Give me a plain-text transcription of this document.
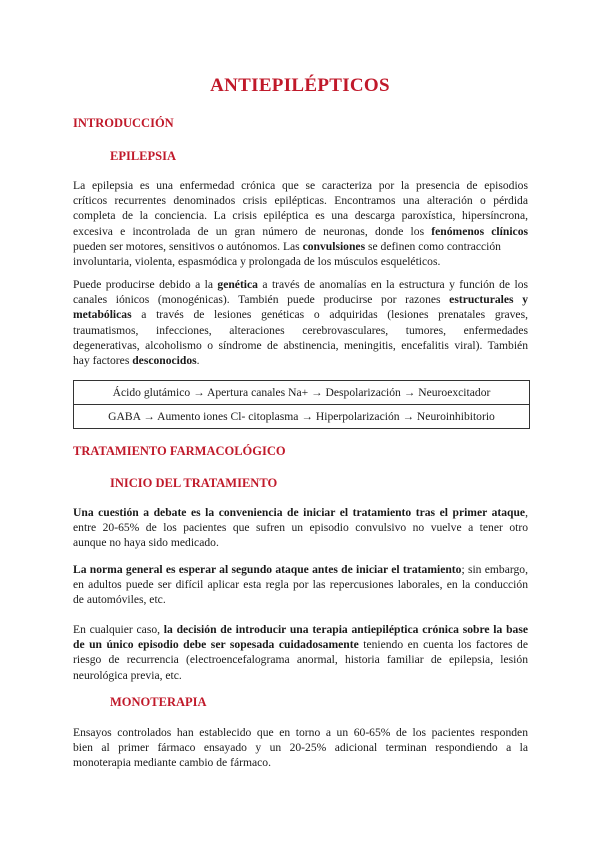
ANTIEPILÉPTICOS
INTRODUCCIÓN
EPILEPSIA

La epilepsia es una enfermedad crónica que se caracteriza por la presencia de episodios
críticos recurrentes denominados crisis epilépticas. Encontramos una alteración o pérdida
completa de la conciencia. La crisis epiléptica es una descarga paroxística, hipersíncrona,
excesiva e incontrolada de un gran número de neuronas, donde los fenómenos clínicos
pueden ser motores, sensitivos o autónomos. Las convulsiones se definen como contracción
involuntaria, violenta, espasmódica y prolongada de los músculos esqueléticos.

Puede producirse debido a la genética a través de anomalías en la estructura y función de los
canales iónicos (monogénicas). También puede producirse por razones estructurales y
metabólicas a través de lesiones genéticas o adquiridas (lesiones prenatales graves,
traumatismos, infecciones, alteraciones cerebrovasculares, tumores, enfermedades
degenerativas, alcoholismo o síndrome de abstinencia, meningitis, encefalitis viral). También
hay factores desconocidos.

Ácido glutámico → Apertura canales Na+ → Despolarización → Neuroexcitador
GABA → Aumento iones Cl- citoplasma → Hiperpolarización → Neuroinhibitorio
TRATAMIENTO FARMACOLÓGICO
INICIO DEL TRATAMIENTO

Una cuestión a debate es la conveniencia de iniciar el tratamiento tras el primer ataque,
entre 20-65% de los pacientes que sufren un episodio convulsivo no vuelve a tener otro
aunque no haya sido medicado.

La norma general es esperar al segundo ataque antes de iniciar el tratamiento; sin embargo,
en adultos puede ser difícil aplicar esta regla por las repercusiones laborales, en la conducción
de automóviles, etc.

En cualquier caso, la decisión de introducir una terapia antiepiléptica crónica sobre la base
de un único episodio debe ser sopesada cuidadosamente teniendo en cuenta los factores de
riesgo de recurrencia (electroencefalograma anormal, historia familiar de epilepsia, lesión
neurológica previa, etc.

MONOTERAPIA

Ensayos controlados han establecido que en torno a un 60-65% de los pacientes responden
bien al primer fármaco ensayado y un 20-25% adicional terminan respondiendo a la
monoterapia mediante cambio de fármaco.
